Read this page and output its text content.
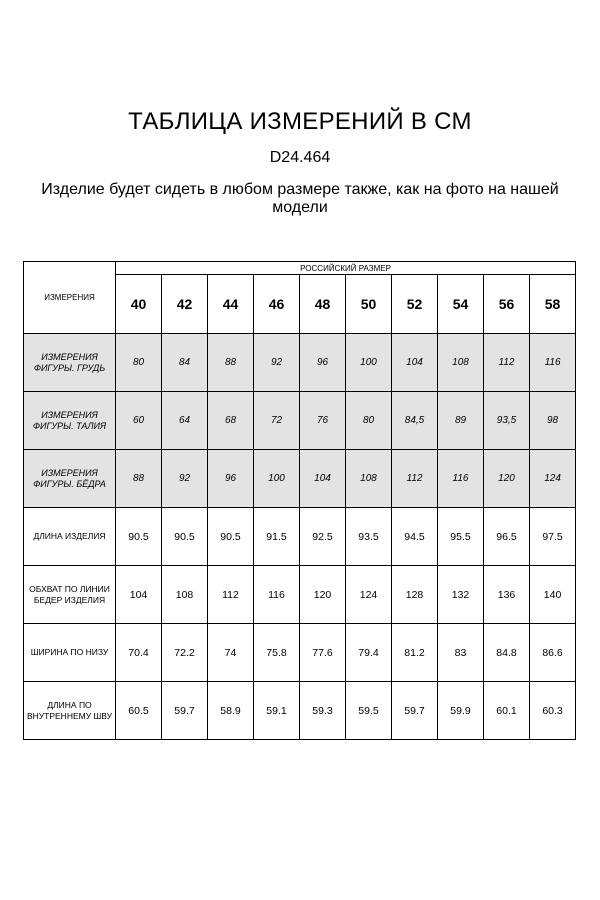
ТАБЛИЦА ИЗМЕРЕНИЙ В СМ
D24.464
Изделие будет сидеть в любом размере также, как на фото на нашей модели
ИЗМЕРЕНИЯ	РОССИЙСКИЙ РАЗМЕР									
	40	42	44	46	48	50	52	54	56	58
ИЗМЕРЕНИЯ ФИГУРЫ. ГРУДЬ	80	84	88	92	96	100	104	108	112	116
ИЗМЕРЕНИЯ ФИГУРЫ. ТАЛИЯ	60	64	68	72	76	80	84,5	89	93,5	98
ИЗМЕРЕНИЯ ФИГУРЫ. БЁДРА	88	92	96	100	104	108	112	116	120	124
ДЛИНА ИЗДЕЛИЯ	90.5	90.5	90.5	91.5	92.5	93.5	94.5	95.5	96.5	97.5
ОБХВАТ ПО ЛИНИИ БЕДЕР ИЗДЕЛИЯ	104	108	112	116	120	124	128	132	136	140
ШИРИНА ПО НИЗУ	70.4	72.2	74	75.8	77.6	79.4	81.2	83	84.8	86.6
ДЛИНА ПО ВНУТРЕННЕМУ ШВУ	60.5	59.7	58.9	59.1	59.3	59.5	59.7	59.9	60.1	60.3
